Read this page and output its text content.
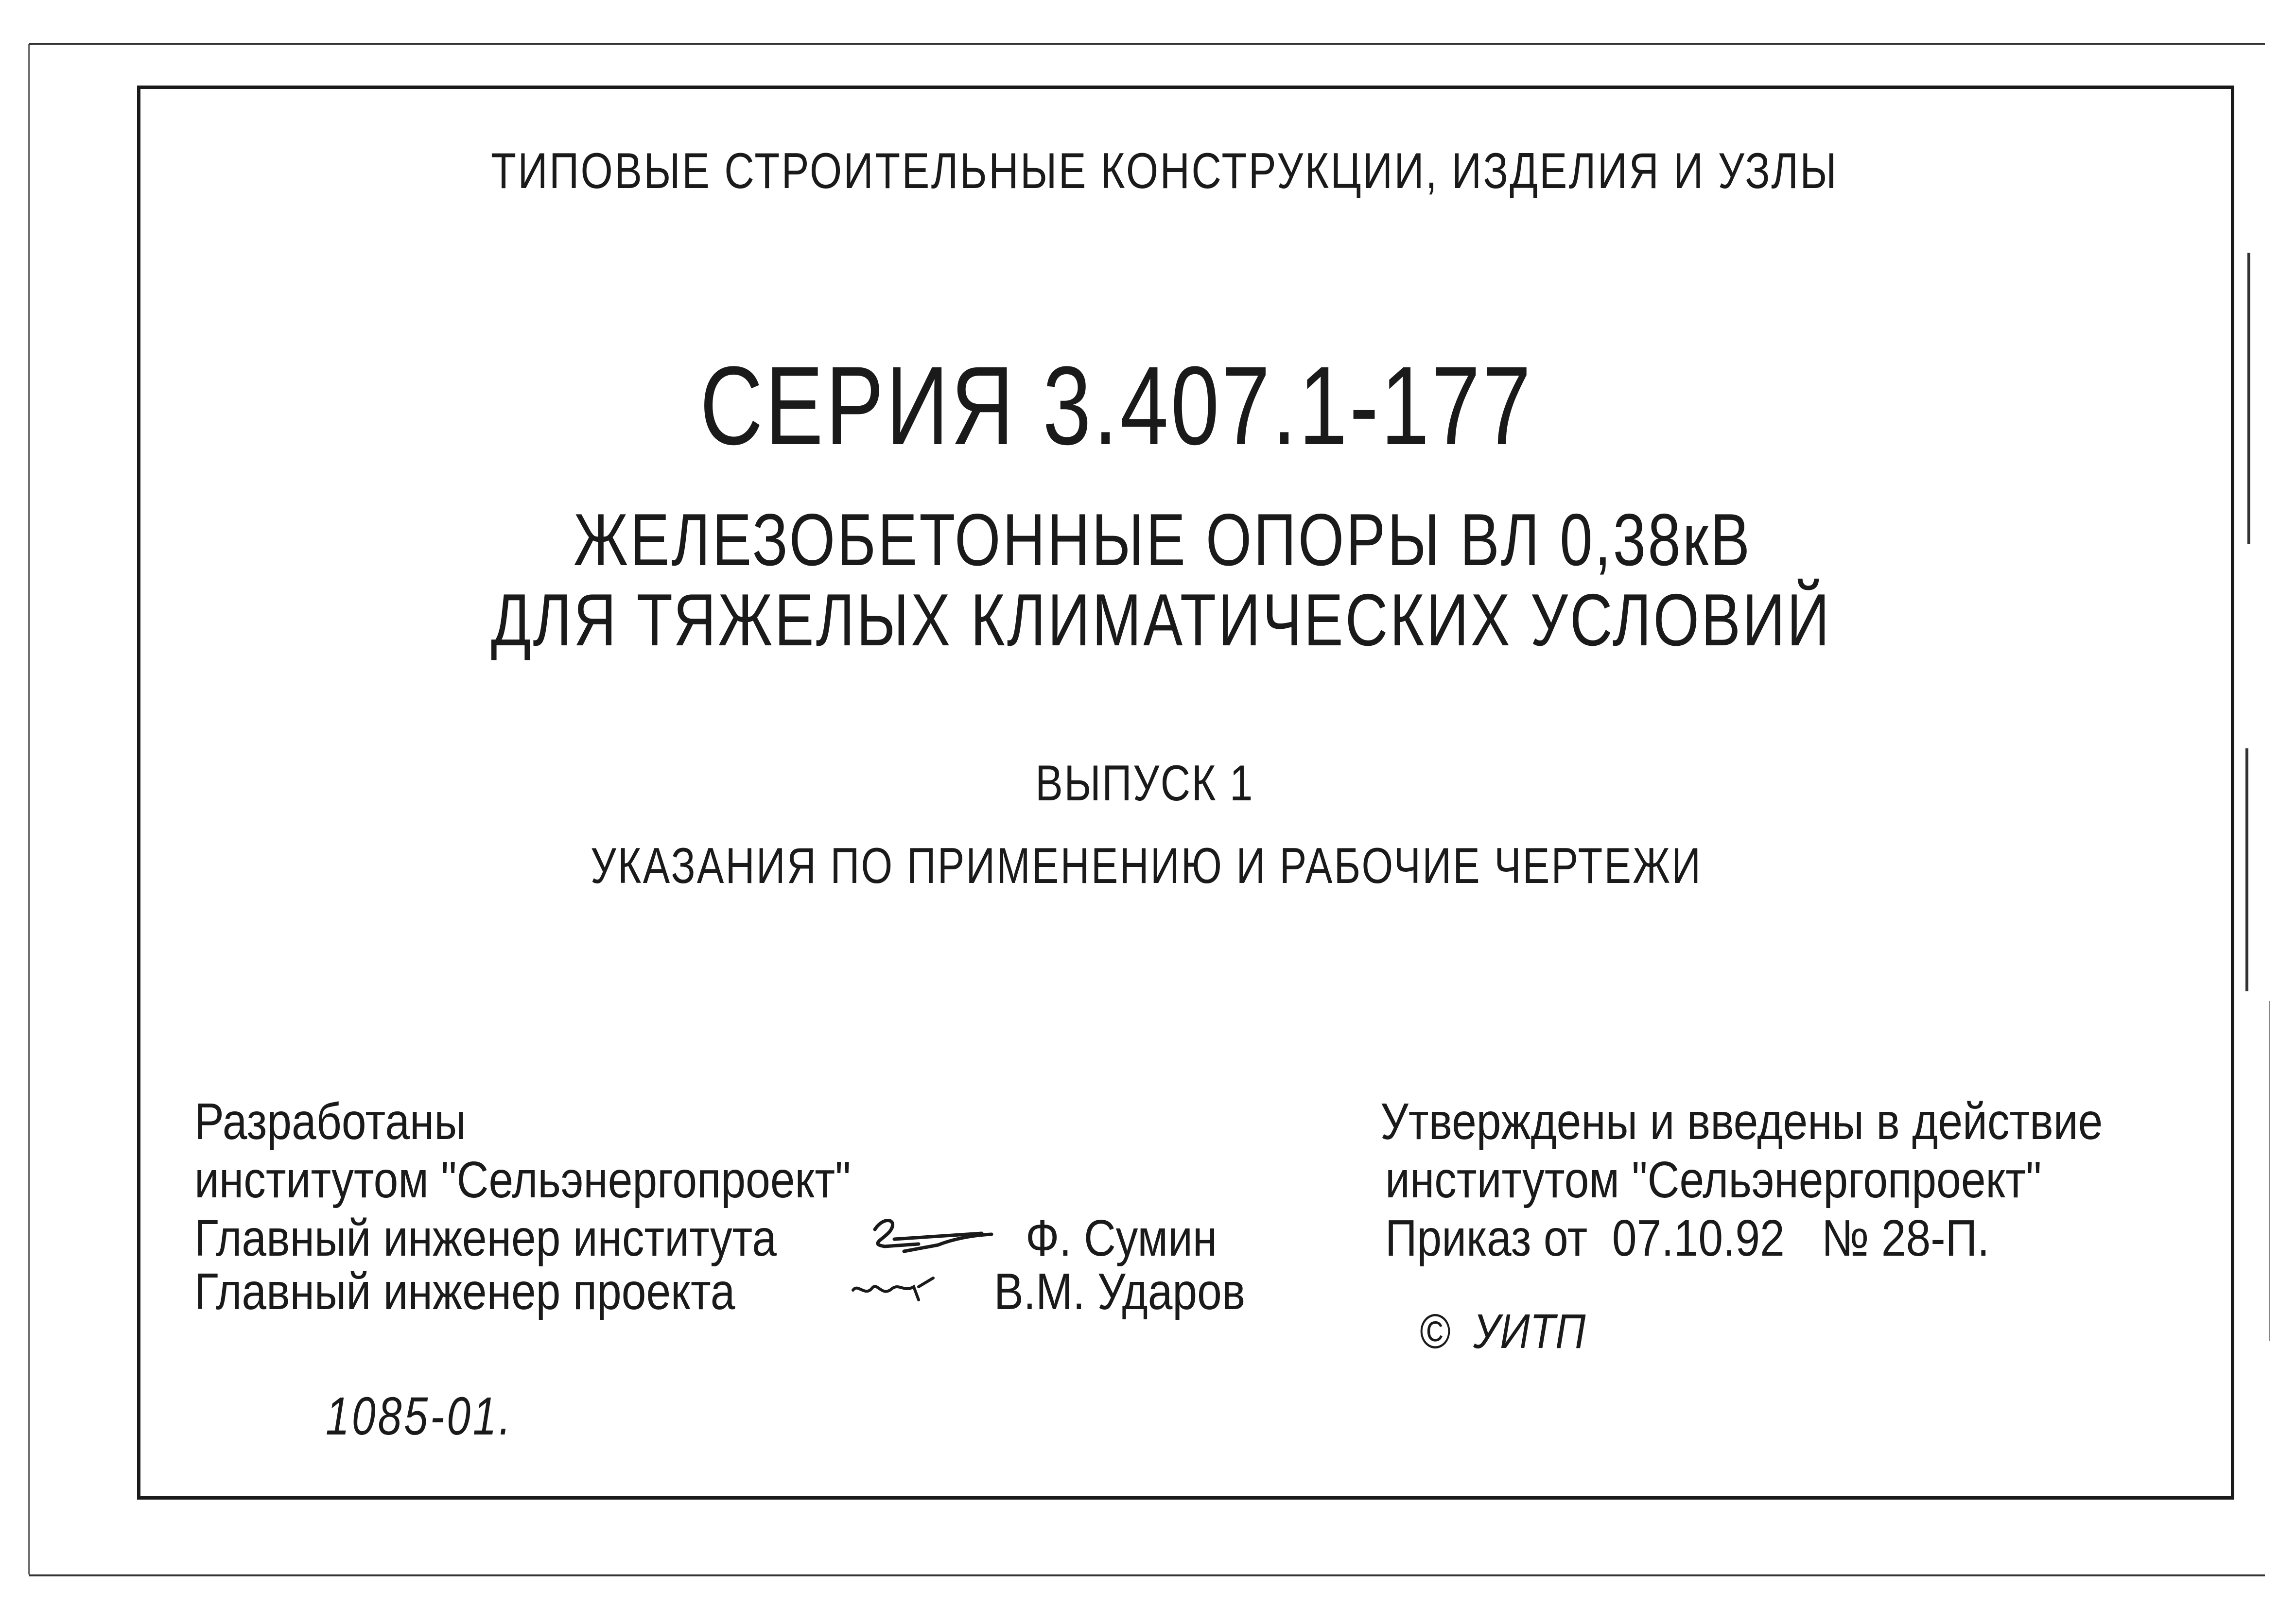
ТИПОВЫЕ СТРОИТЕЛЬНЫЕ КОНСТРУКЦИИ, ИЗДЕЛИЯ И УЗЛЫ
СЕРИЯ 3.407.1-177
ЖЕЛЕЗОБЕТОННЫЕ ОПОРЫ ВЛ 0,38кВ
ДЛЯ ТЯЖЕЛЫХ КЛИМАТИЧЕСКИХ УСЛОВИЙ
ВЫПУСК 1
УКАЗАНИЯ ПО ПРИМЕНЕНИЮ И РАБОЧИЕ ЧЕРТЕЖИ
Разработаны
институтом "Сельэнергопроект"
Главный инженер института	Ф. Сумин
Главный инженер проекта	В.М. Ударов
Утверждены и введены в действие
институтом "Сельэнергопроект"
Приказ от  07.10.92   № 28-П.
©  УИТП
1085-01.
